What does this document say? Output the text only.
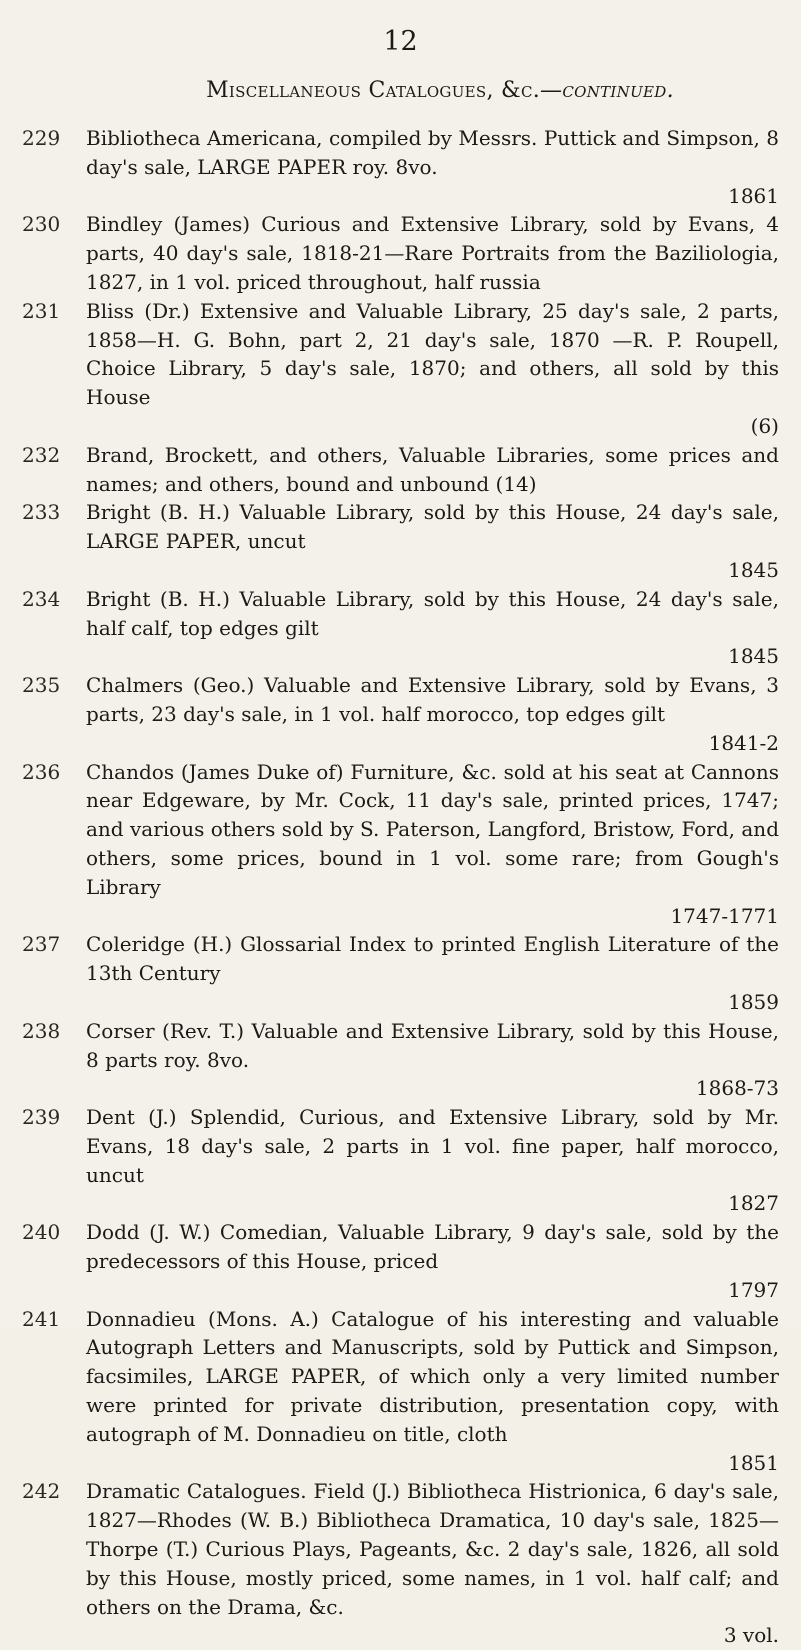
12
Miscellaneous Catalogues, &c.—continued.
229	Bibliotheca Americana, compiled by Messrs. Puttick and Simpson, 8 day's sale, LARGE PAPER roy. 8vo.
1861
230	Bindley (James) Curious and Extensive Library, sold by Evans, 4 parts, 40 day's sale, 1818-21—Rare Portraits from the Baziliologia, 1827, in 1 vol. priced throughout, half russia
231	Bliss (Dr.) Extensive and Valuable Library, 25 day's sale, 2 parts, 1858—H. G. Bohn, part 2, 21 day's sale, 1870 —R. P. Roupell, Choice Library, 5 day's sale, 1870; and others, all sold by this House
(6)
232	Brand, Brockett, and others, Valuable Libraries, some prices and names; and others, bound and unbound (14)
233	Bright (B. H.) Valuable Library, sold by this House, 24 day's sale, LARGE PAPER, uncut
1845
234	Bright (B. H.) Valuable Library, sold by this House, 24 day's sale, half calf, top edges gilt
1845
235	Chalmers (Geo.) Valuable and Extensive Library, sold by Evans, 3 parts, 23 day's sale, in 1 vol. half morocco, top edges gilt
1841-2
236	Chandos (James Duke of) Furniture, &c. sold at his seat at Cannons near Edgeware, by Mr. Cock, 11 day's sale, printed prices, 1747; and various others sold by S. Paterson, Langford, Bristow, Ford, and others, some prices, bound in 1 vol. some rare; from Gough's Library
1747-1771
237	Coleridge (H.) Glossarial Index to printed English Literature of the 13th Century
1859
238	Corser (Rev. T.) Valuable and Extensive Library, sold by this House, 8 parts roy. 8vo.
1868-73
239	Dent (J.) Splendid, Curious, and Extensive Library, sold by Mr. Evans, 18 day's sale, 2 parts in 1 vol. fine paper, half morocco, uncut
1827
240	Dodd (J. W.) Comedian, Valuable Library, 9 day's sale, sold by the predecessors of this House, priced
1797
241	Donnadieu (Mons. A.) Catalogue of his interesting and valuable Autograph Letters and Manuscripts, sold by Puttick and Simpson, facsimiles, LARGE PAPER, of which only a very limited number were printed for private distribution, presentation copy, with autograph of M. Donnadieu on title, cloth
1851
242	Dramatic Catalogues. Field (J.) Bibliotheca Histrionica, 6 day's sale, 1827—Rhodes (W. B.) Bibliotheca Dramatica, 10 day's sale, 1825—Thorpe (T.) Curious Plays, Pageants, &c. 2 day's sale, 1826, all sold by this House, mostly priced, some names, in 1 vol. half calf; and others on the Drama, &c.
3 vol.
